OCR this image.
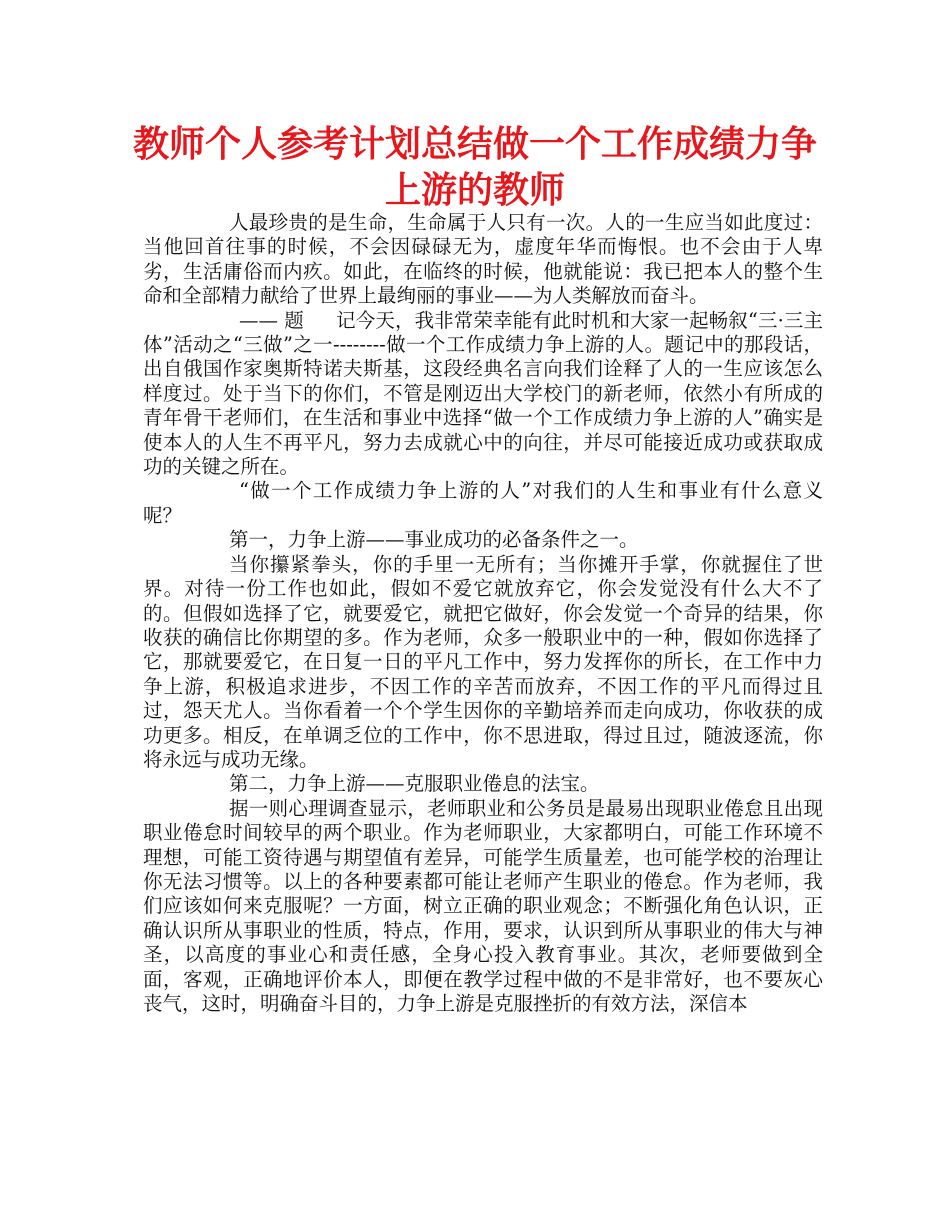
教师个人参考计划总结做一个工作成绩力争上游的教师

人最珍贵的是生命，生命属于人只有一次。人的一生应当如此度过：当他回首往事的时候，不会因碌碌无为，虚度年华而悔恨。也不会由于人卑劣，生活庸俗而内疚。如此，在临终的时候，他就能说：我已把本人的整个生命和全部精力献给了世界上最绚丽的事业——为人类解放而奋斗。

—— 题 　 记今天，我非常荣幸能有此时机和大家一起畅叙“三·三主体”活动之“三做”之一--------做一个工作成绩力争上游的人。题记中的那段话，出自俄国作家奥斯特诺夫斯基，这段经典名言向我们诠释了人的一生应该怎么样度过。处于当下的你们，不管是刚迈出大学校门的新老师，依然小有所成的青年骨干老师们，在生活和事业中选择“做一个工作成绩力争上游的人”确实是使本人的人生不再平凡，努力去成就心中的向往，并尽可能接近成功或获取成功的关键之所在。

“做一个工作成绩力争上游的人”对我们的人生和事业有什么意义呢？

第一，力争上游——事业成功的必备条件之一。

当你攥紧拳头，你的手里一无所有；当你摊开手掌，你就握住了世界。对待一份工作也如此，假如不爱它就放弃它，你会发觉没有什么大不了的。但假如选择了它，就要爱它，就把它做好，你会发觉一个奇异的结果，你收获的确信比你期望的多。作为老师，众多一般职业中的一种，假如你选择了它，那就要爱它，在日复一日的平凡工作中，努力发挥你的所长，在工作中力争上游，积极追求进步，不因工作的辛苦而放弃，不因工作的平凡而得过且过，怨天尤人。当你看着一个个学生因你的辛勤培养而走向成功，你收获的成功更多。相反，在单调乏位的工作中，你不思进取，得过且过，随波逐流，你将永远与成功无缘。

第二，力争上游——克服职业倦息的法宝。

据一则心理调查显示，老师职业和公务员是最易出现职业倦怠且出现职业倦怠时间较早的两个职业。作为老师职业，大家都明白，可能工作环境不理想，可能工资待遇与期望值有差异，可能学生质量差，也可能学校的治理让你无法习惯等。以上的各种要素都可能让老师产生职业的倦怠。作为老师，我们应该如何来克服呢？一方面，树立正确的职业观念；不断强化角色认识，正确认识所从事职业的性质，特点，作用，要求，认识到所从事职业的伟大与神圣，以高度的事业心和责任感，全身心投入教育事业。其次，老师要做到全面，客观，正确地评价本人，即便在教学过程中做的不是非常好，也不要灰心丧气，这时，明确奋斗目的，力争上游是克服挫折的有效方法，深信本
